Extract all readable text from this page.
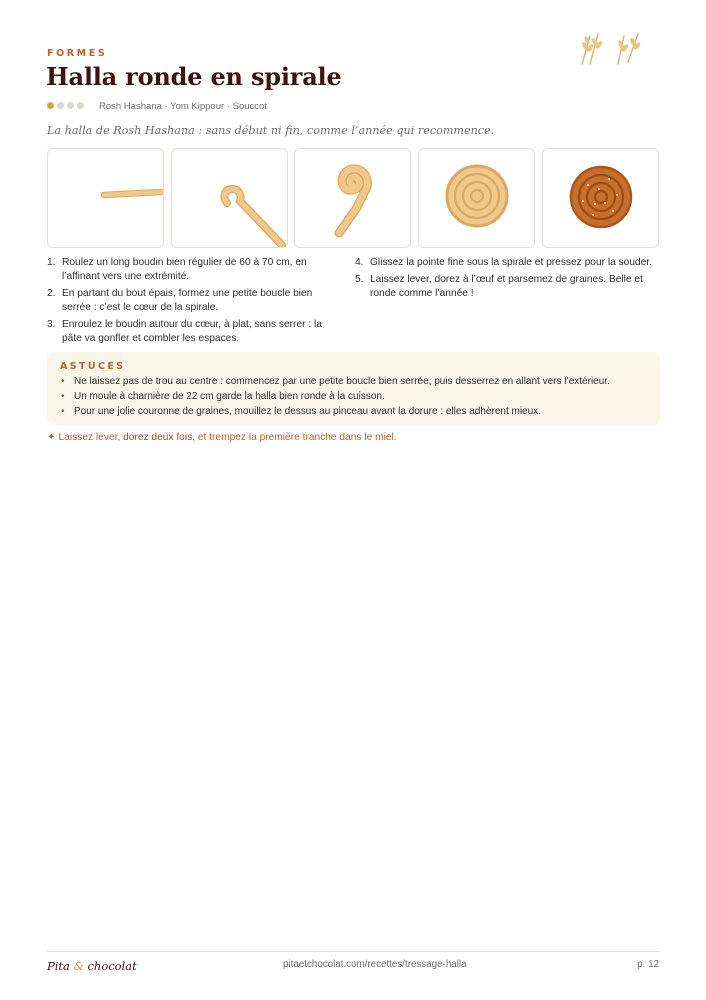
FORMES
Halla ronde en spirale
Rosh Hashana · Yom Kippour · Souccot
La halla de Rosh Hashana : sans début ni fin, comme l’année qui recommence.
1. Roulez un long boudin bien régulier de 60 à 70 cm, en l’affinant vers une extrémité.
2. En partant du bout épais, formez une petite boucle bien serrée : c’est le cœur de la spirale.
3. Enroulez le boudin autour du cœur, à plat, sans serrer : la pâte va gonfler et combler les espaces.
4. Glissez la pointe fine sous la spirale et pressez pour la souder.
5. Laissez lever, dorez à l’œuf et parsemez de graines. Belle et ronde comme l’année !
ASTUCES
• Ne laissez pas de trou au centre : commencez par une petite boucle bien serrée, puis desserrez en allant vers l’extérieur.
• Un moule à charnière de 22 cm garde la halla bien ronde à la cuisson.
• Pour une jolie couronne de graines, mouillez le dessus au pinceau avant la dorure : elles adhèrent mieux.
✦ Laissez lever, dorez deux fois, et trempez la première tranche dans le miel.
Pita & chocolat	pitaetchocolat.com/recettes/tressage-halla	p. 12
